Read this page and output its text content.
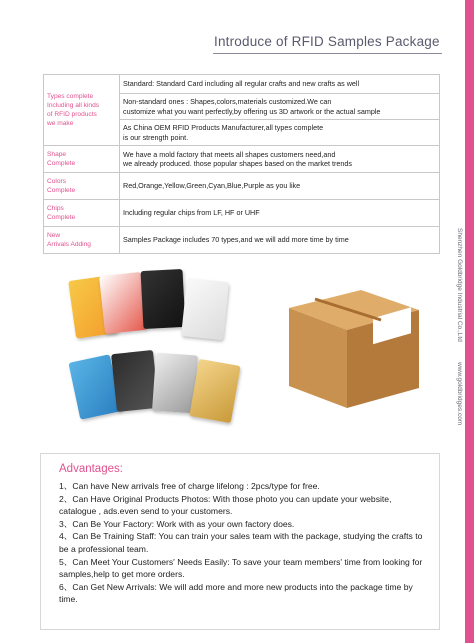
Introduce of RFID Samples Package
Shenzhen Goldbridge Industrial Co.,Ltd www.goldbridges.com
Types complete
Including all kinds
of RFID products
we make	Standard: Standard Card including all regular crafts and new crafts as well
	Non-standard ones : Shapes,colors,materials customized.We can
customize what you want perfectly,by offering us 3D artwork or the actual sample
	As China OEM RFID Products Manufacturer,all types complete
is our strength point.
Shape
Complete	We have a mold factory that meets all shapes customers need,and
we already produced. those popular shapes based on the market trends
Colors
Complete	Red,Orange,Yellow,Green,Cyan,Blue,Purple as you like
Chips
Complete	Including regular chips from LF, HF or UHF
New
Arrivals Adding	Samples Package includes 70 types,and we will add more time by time
Advantages:
1、Can have New arrivals free of charge lifelong : 2pcs/type for free.
2、Can Have Original Products Photos: With those photo you can update your website, catalogue , ads.even send to your customers.
3、Can Be Your Factory: Work with as your own factory does.
4、Can Be Training Staff: You can train your sales team with the package, studying the crafts to be a professional team.
5、Can Meet Your Customers' Needs Easily: To save your team members' time from looking for samples,help to get more orders.
6、Can Get New Arrivals: We will add more and more new products into the package time by time.
